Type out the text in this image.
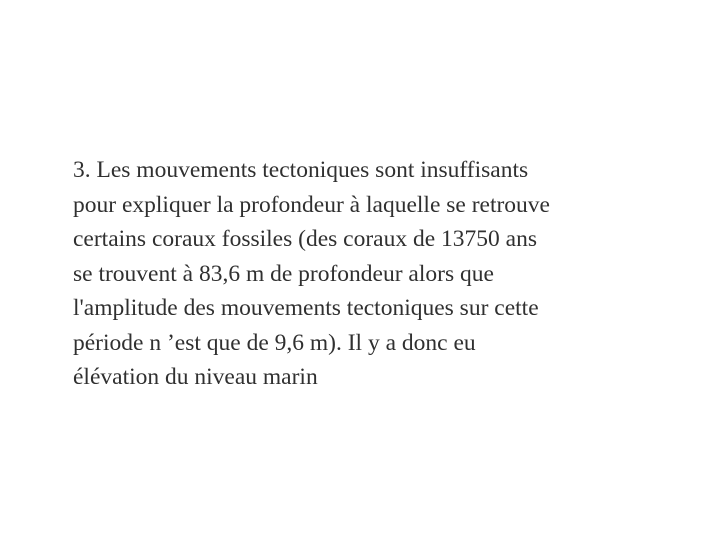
3. Les mouvements tectoniques sont insuffisants
pour expliquer la profondeur à laquelle se retrouve
certains coraux fossiles (des coraux de 13750 ans
se trouvent à 83,6 m de profondeur alors que
l'amplitude des mouvements tectoniques sur cette
période n ’est que de 9,6 m). Il y a donc eu
élévation du niveau marin
